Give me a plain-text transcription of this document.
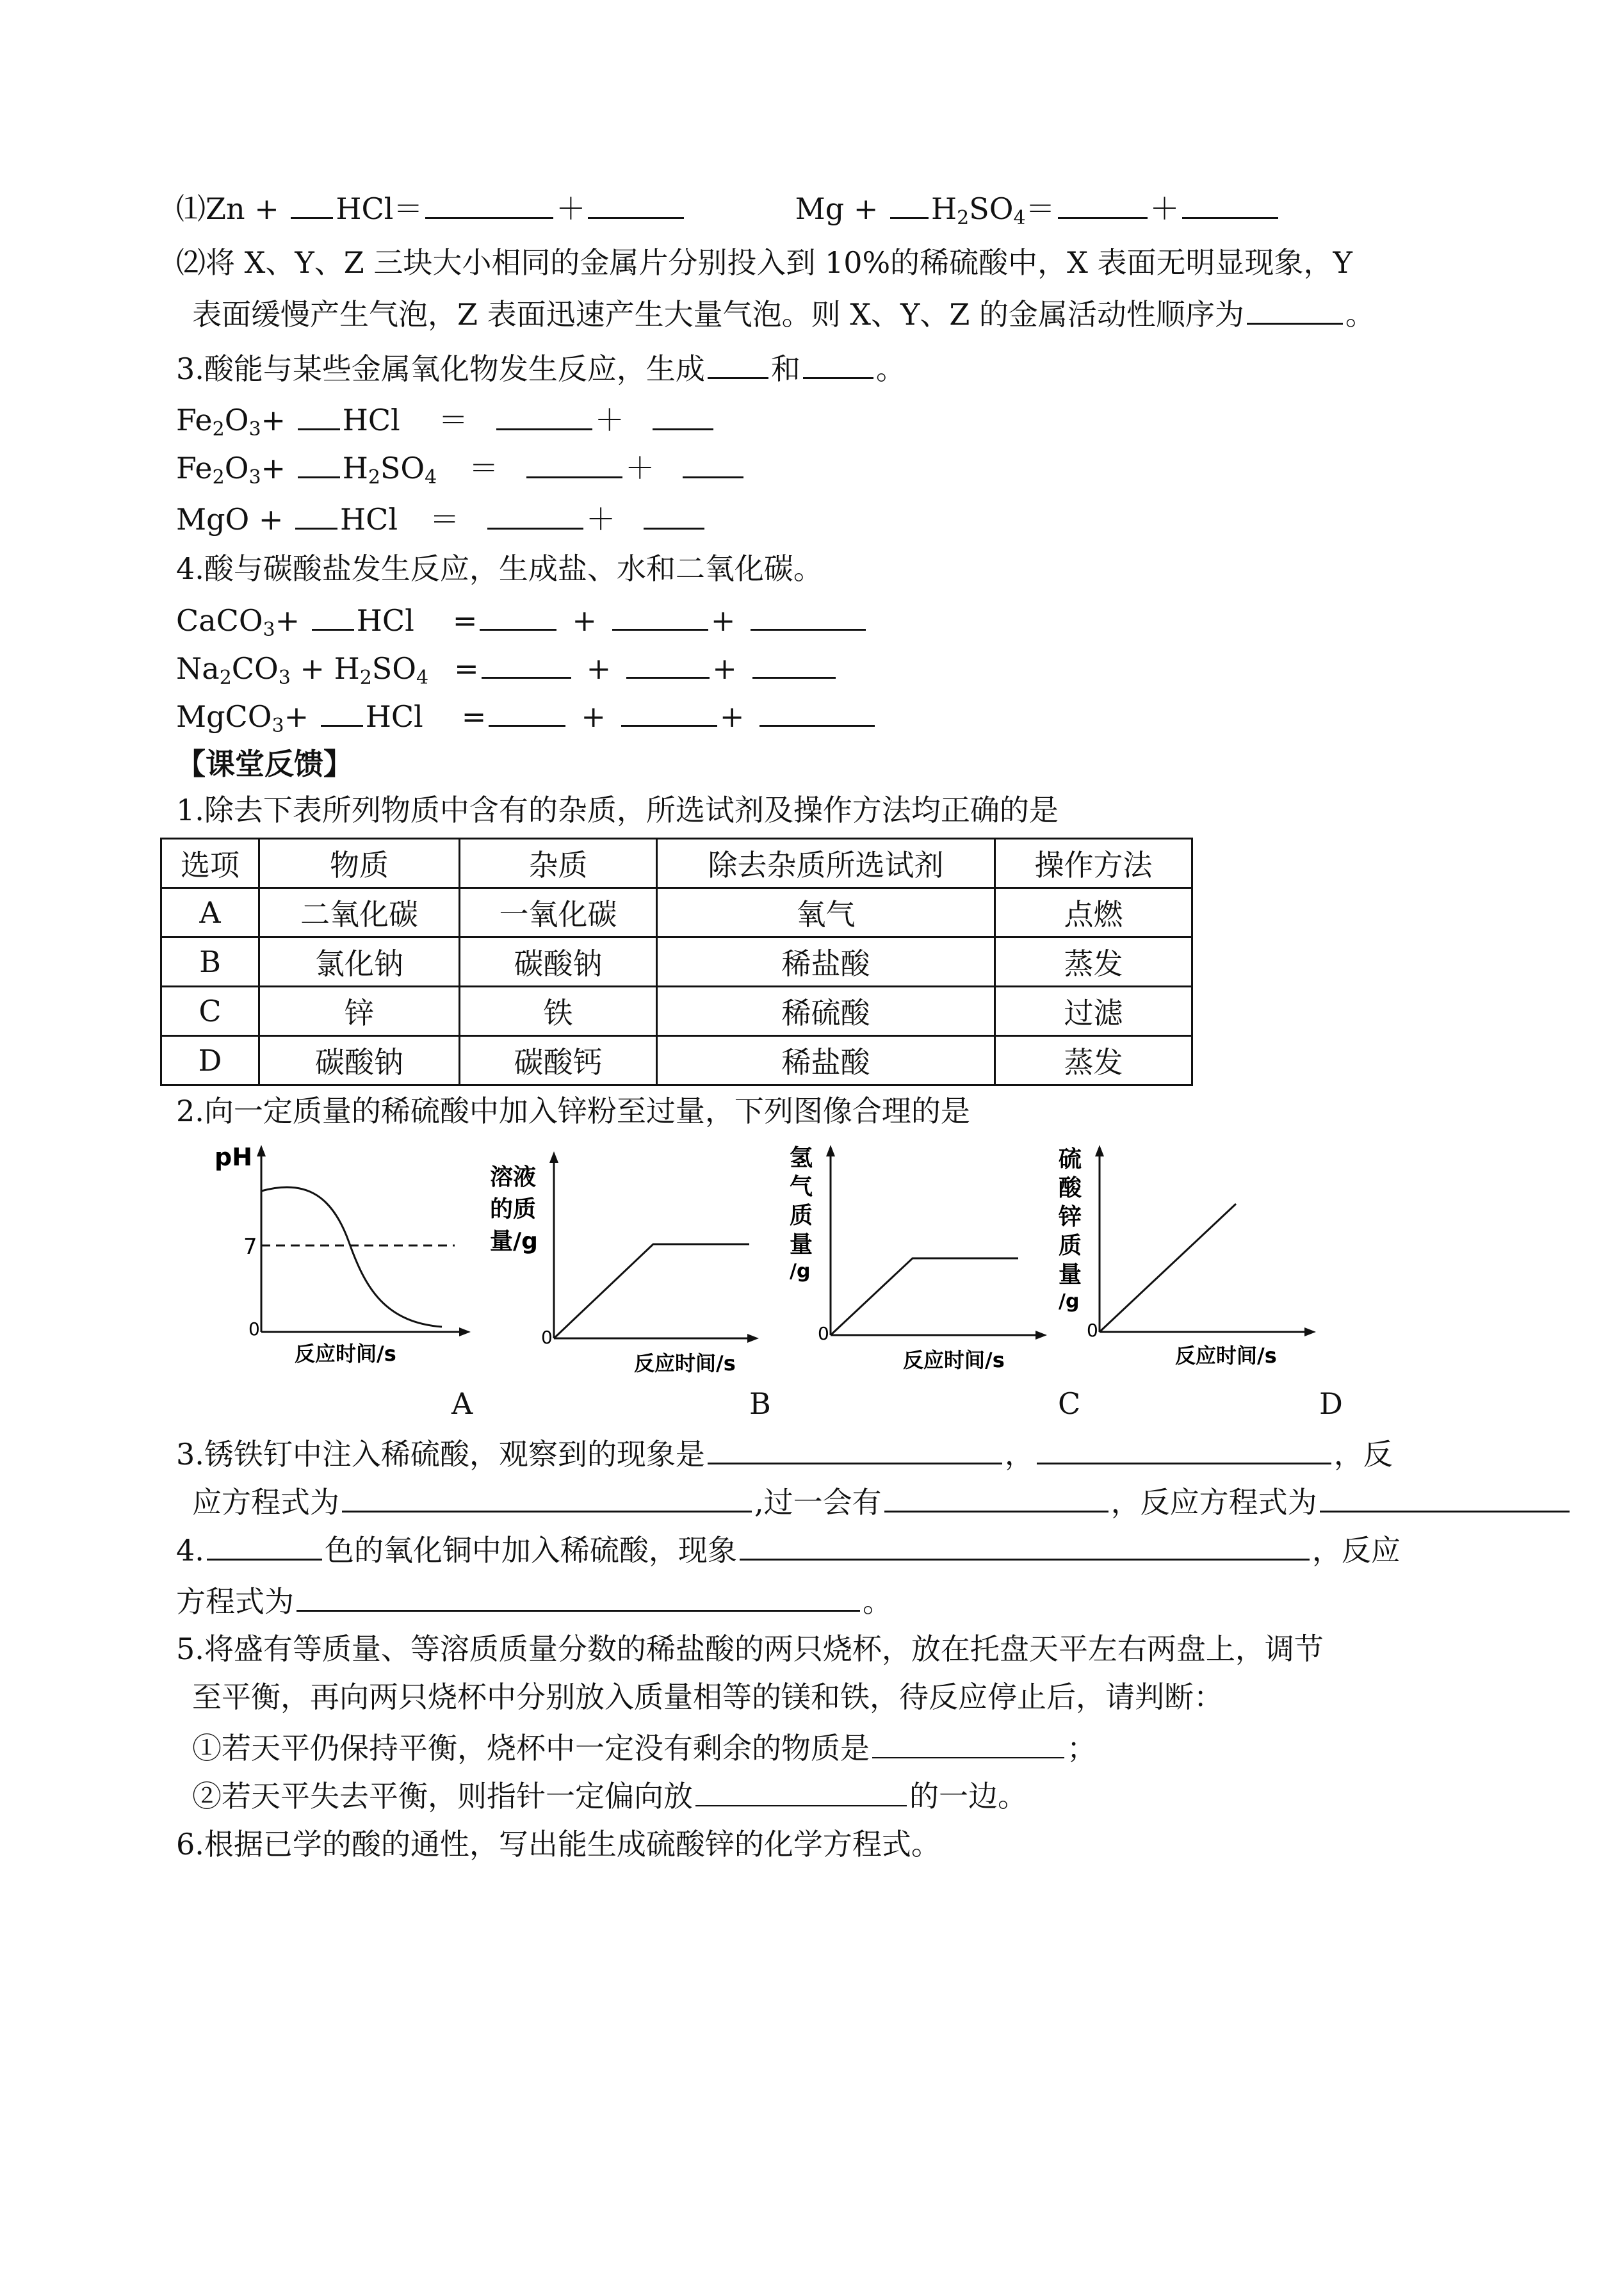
⑴Zn + HCl＝	＋	$Mg + H_2SO_4=$	＋
⑵将 X、Y、Z 三块大小相同的金属片分别投入到 10%的稀硫酸中，X 表面无明显现象，Y
表面缓慢产生气泡，Z 表面迅速产生大量气泡。则 X、Y、Z 的金属活动性顺序为	。
3.酸能与某些金属氧化物发生反应，生成 和	。
$Fe_2O_3+$ HCl ＝	＋
$Fe_2O_3+ H_2SO_4$ ＝	＋
MgO + HCl ＝	＋
4.酸与碳酸盐发生反应，生成盐、水和二氧化碳。
CaCO$_3$+ HCl =	+	+
$Na_2CO_3 + H_2SO_4$ =	+	+
MgCO$_3$+ HCl =	+	+
【课堂反馈】
1.除去下表所列物质中含有的杂质，所选试剂及操作方法均正确的是
选项	物质	杂质	除去杂质所选试剂	操作方法
A	二氧化碳	一氧化碳	氧气	点燃
B	氯化钠	碳酸钠	稀盐酸	蒸发
C	锌	铁	稀硫酸	过滤
D	碳酸钠	碳酸钙	稀盐酸	蒸发
2.向一定质量的稀硫酸中加入锌粉至过量，下列图像合理的是
pH
7
0
反应时间/s
A
溶液
的质
量/g
0
反应时间/s
B
氢
气
质
量
/g
0
反应时间/s
C
硫
酸
锌
质
量
/g
0
反应时间/s
D
3.锈铁钉中注入稀硫酸，观察到的现象是	，	，反
应方程式为	,过一会有	，反应方程式为
4.	色的氧化铜中加入稀硫酸，现象	，反应
方程式为	。
5.将盛有等质量、等溶质质量分数的稀盐酸的两只烧杯，放在托盘天平左右两盘上，调节
至平衡，再向两只烧杯中分别放入质量相等的镁和铁，待反应停止后，请判断：
①若天平仍保持平衡，烧杯中一定没有剩余的物质是	；
②若天平失去平衡，则指针一定偏向放	的一边。
6.根据已学的酸的通性，写出能生成硫酸锌的化学方程式。
